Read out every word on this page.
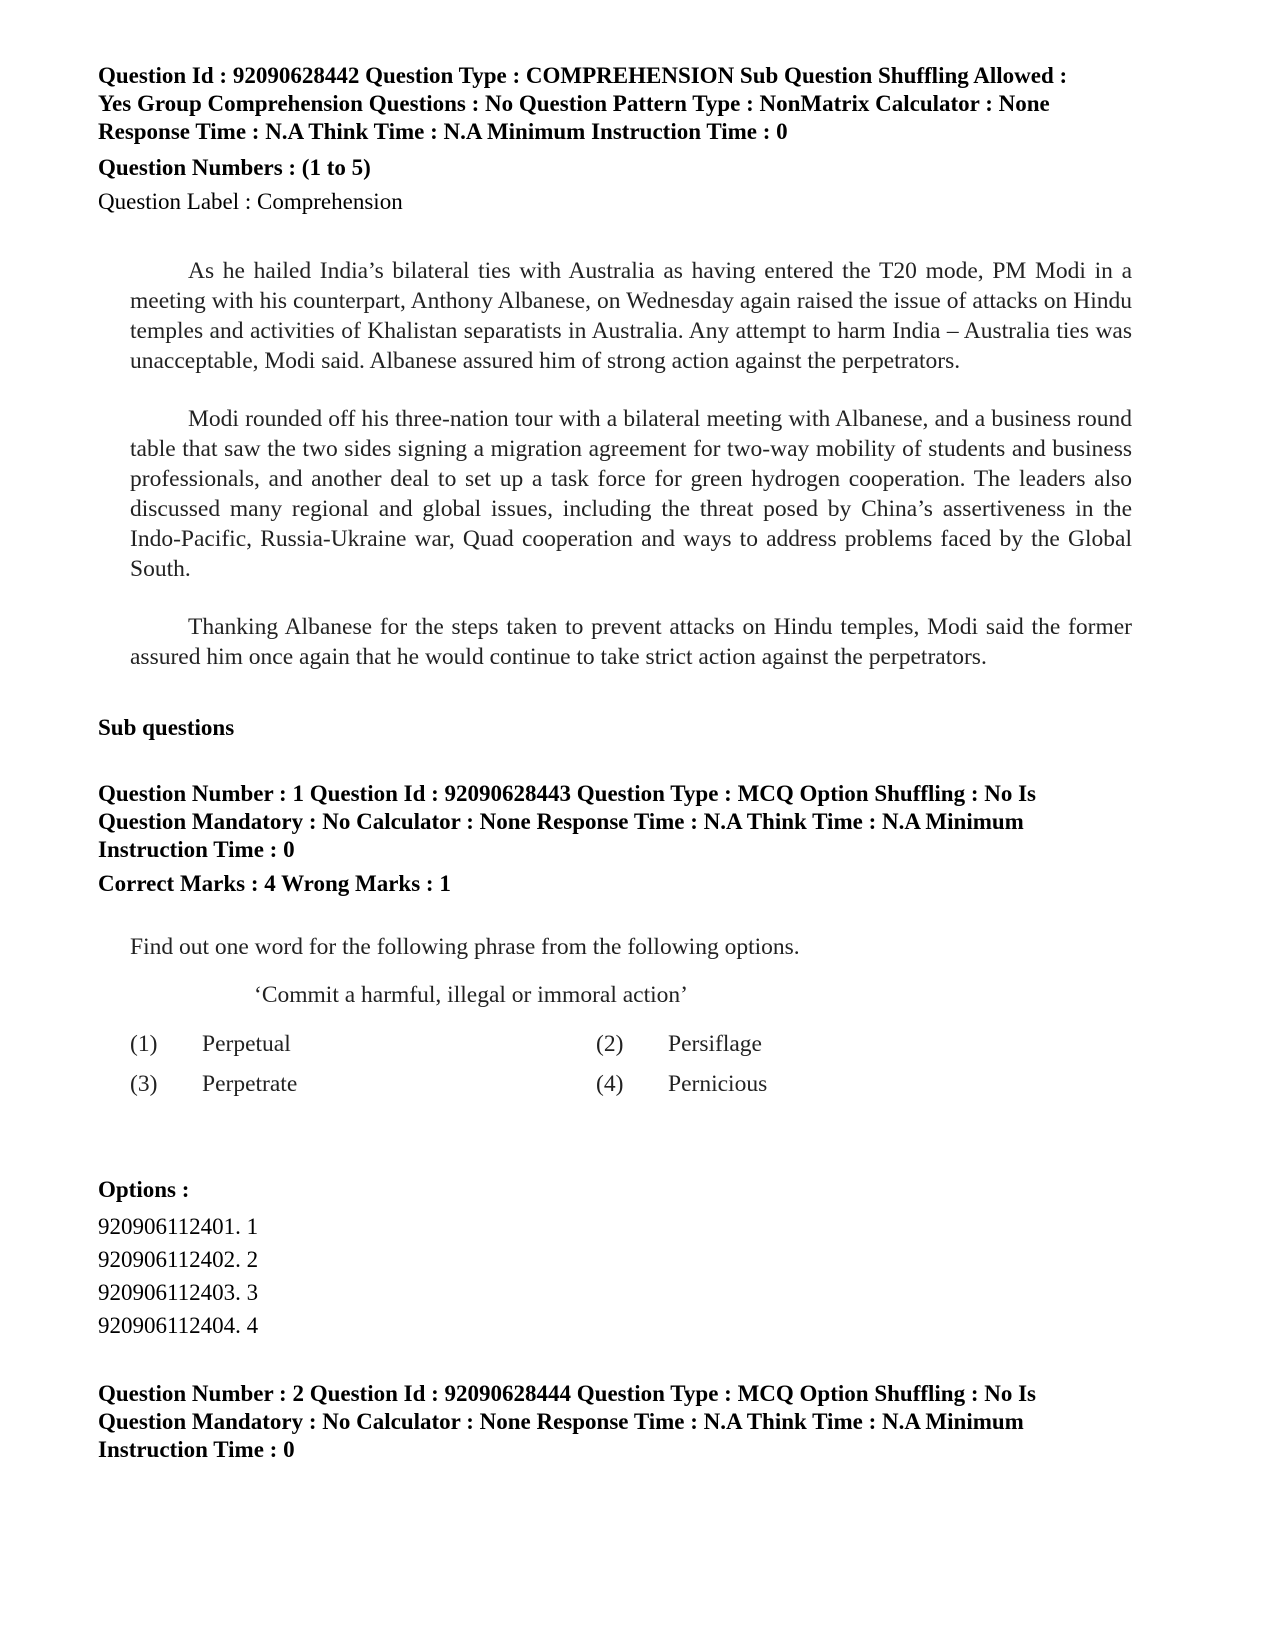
Question Id : 92090628442 Question Type : COMPREHENSION Sub Question Shuffling Allowed :
Yes Group Comprehension Questions : No Question Pattern Type : NonMatrix Calculator : None
Response Time : N.A Think Time : N.A Minimum Instruction Time : 0
Question Numbers : (1 to 5)
Question Label : Comprehension

As he hailed India’s bilateral ties with Australia as having entered the T20 mode, PM Modi in a meeting with his counterpart, Anthony Albanese, on Wednesday again raised the issue of attacks on Hindu temples and activities of Khalistan separatists in Australia. Any attempt to harm India – Australia ties was unacceptable, Modi said. Albanese assured him of strong action against the perpetrators.

Modi rounded off his three-nation tour with a bilateral meeting with Albanese, and a business round table that saw the two sides signing a migration agreement for two-way mobility of students and business professionals, and another deal to set up a task force for green hydrogen cooperation. The leaders also discussed many regional and global issues, including the threat posed by China’s assertiveness in the Indo-Pacific, Russia-Ukraine war, Quad cooperation and ways to address problems faced by the Global South.

Thanking Albanese for the steps taken to prevent attacks on Hindu temples, Modi said the former assured him once again that he would continue to take strict action against the perpetrators.

Sub questions
Question Number : 1 Question Id : 92090628443 Question Type : MCQ Option Shuffling : No Is
Question Mandatory : No Calculator : None Response Time : N.A Think Time : N.A Minimum
Instruction Time : 0
Correct Marks : 4 Wrong Marks : 1

Find out one word for the following phrase from the following options.

‘Commit a harmful, illegal or immoral action’

(1)	Perpetual	(2)	Persiflage
(3)	Perpetrate	(4)	Pernicious
Options :
920906112401. 1
920906112402. 2
920906112403. 3
920906112404. 4
Question Number : 2 Question Id : 92090628444 Question Type : MCQ Option Shuffling : No Is
Question Mandatory : No Calculator : None Response Time : N.A Think Time : N.A Minimum
Instruction Time : 0
